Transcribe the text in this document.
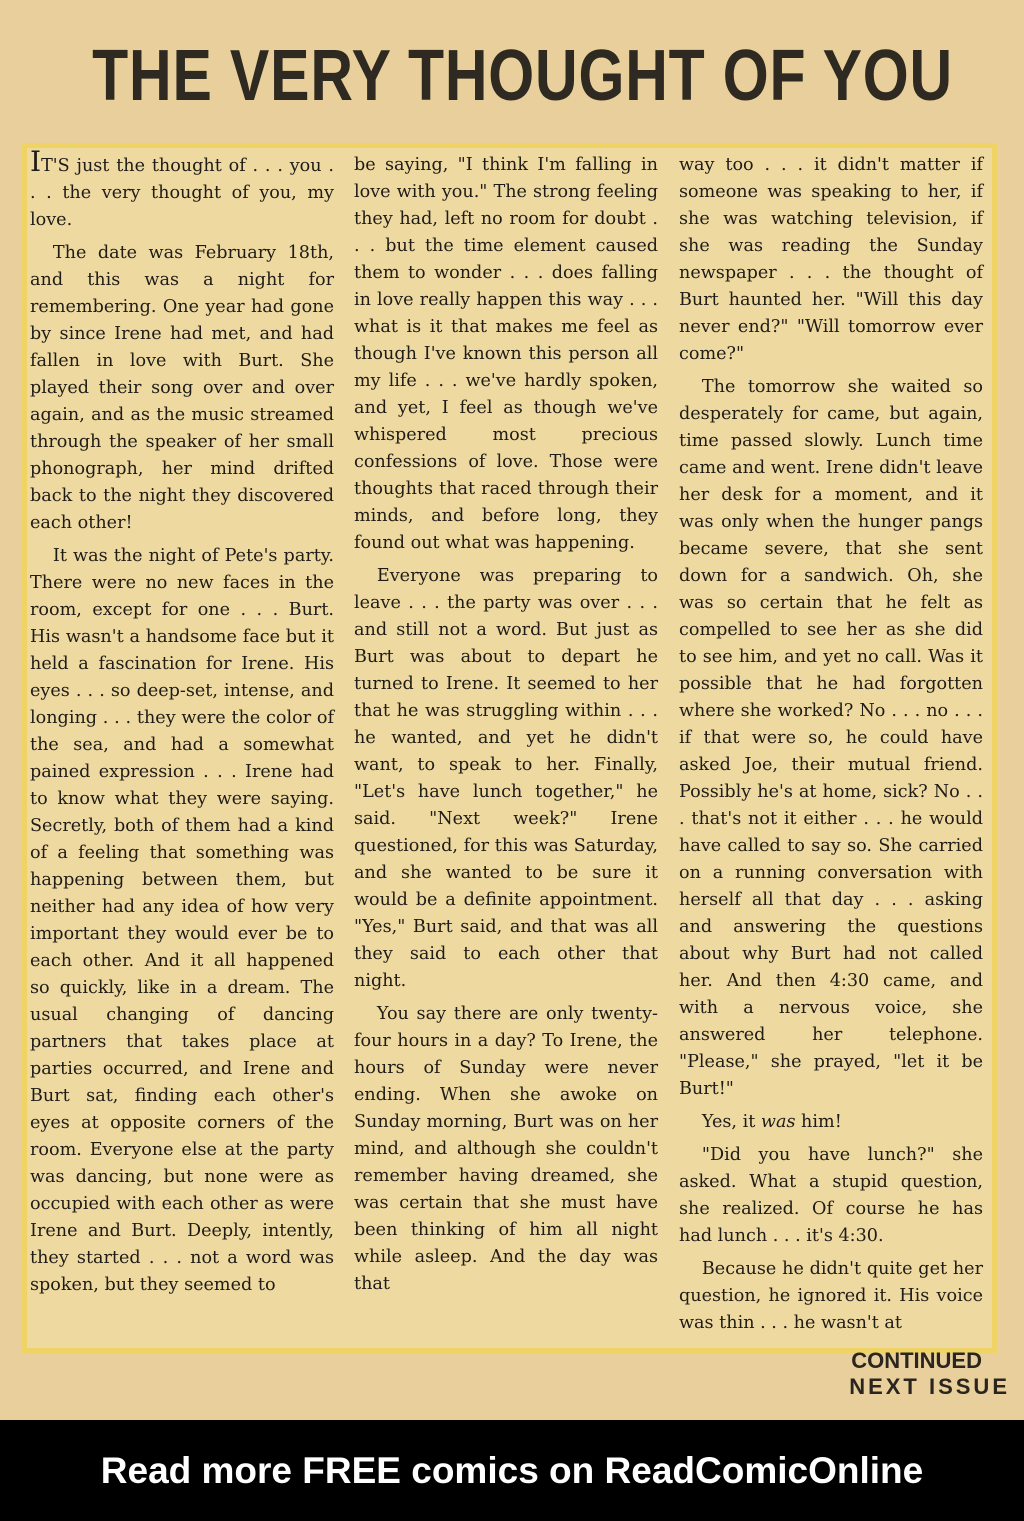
THE VERY THOUGHT OF YOU

IT'S just the thought of . . . you . . . the very thought of you, my love.

The date was February 18th, and this was a night for remembering. One year had gone by since Irene had met, and had fallen in love with Burt. She played their song over and over again, and as the music streamed through the speaker of her small phonograph, her mind drifted back to the night they discovered each other!

It was the night of Pete's party. There were no new faces in the room, except for one . . . Burt. His wasn't a handsome face but it held a fascination for Irene. His eyes . . . so deep-set, intense, and longing . . . they were the color of the sea, and had a somewhat pained expression . . . Irene had to know what they were saying. Secretly, both of them had a kind of a feeling that something was happening between them, but neither had any idea of how very important they would ever be to each other. And it all happened so quickly, like in a dream. The usual changing of dancing partners that takes place at parties occurred, and Irene and Burt sat, finding each other's eyes at opposite corners of the room. Everyone else at the party was dancing, but none were as occupied with each other as were Irene and Burt. Deeply, intently, they started . . . not a word was spoken, but they seemed to

be saying, "I think I'm falling in love with you." The strong feeling they had, left no room for doubt . . . but the time element caused them to wonder . . . does falling in love really happen this way . . . what is it that makes me feel as though I've known this person all my life . . . we've hardly spoken, and yet, I feel as though we've whispered most precious confessions of love. Those were thoughts that raced through their minds, and before long, they found out what was happening.

Everyone was preparing to leave . . . the party was over . . . and still not a word. But just as Burt was about to depart he turned to Irene. It seemed to her that he was struggling within . . . he wanted, and yet he didn't want, to speak to her. Finally, "Let's have lunch together," he said. "Next week?" Irene questioned, for this was Saturday, and she wanted to be sure it would be a definite appointment. "Yes," Burt said, and that was all they said to each other that night.

You say there are only twenty-four hours in a day? To Irene, the hours of Sunday were never ending. When she awoke on Sunday morning, Burt was on her mind, and although she couldn't remember having dreamed, she was certain that she must have been thinking of him all night while asleep. And the day was that

way too . . . it didn't matter if someone was speaking to her, if she was watching television, if she was reading the Sunday newspaper . . . the thought of Burt haunted her. "Will this day never end?" "Will tomorrow ever come?"

The tomorrow she waited so desperately for came, but again, time passed slowly. Lunch time came and went. Irene didn't leave her desk for a moment, and it was only when the hunger pangs became severe, that she sent down for a sandwich. Oh, she was so certain that he felt as compelled to see her as she did to see him, and yet no call. Was it possible that he had forgotten where she worked? No . . . no . . . if that were so, he could have asked Joe, their mutual friend. Possibly he's at home, sick? No . . . that's not it either . . . he would have called to say so. She carried on a running conversation with herself all that day . . . asking and answering the questions about why Burt had not called her. And then 4:30 came, and with a nervous voice, she answered her telephone. "Please," she prayed, "let it be Burt!"

Yes, it was him!

"Did you have lunch?" she asked. What a stupid question, she realized. Of course he has had lunch . . . it's 4:30.

Because he didn't quite get her question, he ignored it. His voice was thin . . . he wasn't at

CONTINUED
NEXT ISSUE
Read more FREE comics on ReadComicOnline
